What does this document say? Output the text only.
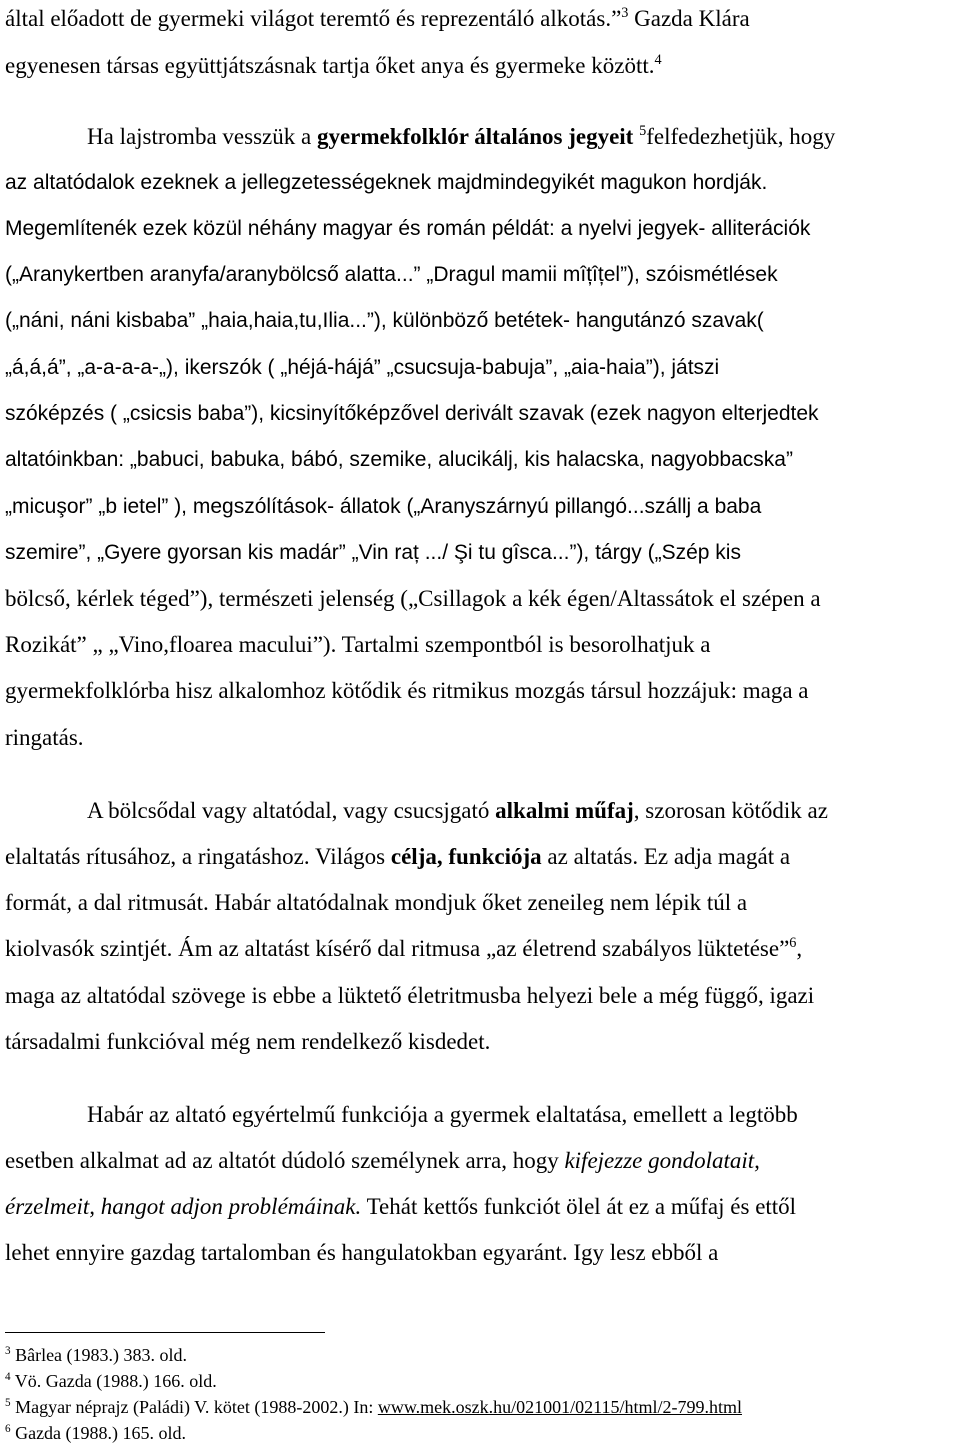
által előadott de gyermeki világot teremtő és reprezentáló alkotás.”$^3$ Gazda Klára
egyenesen társas együttjátszásnak tartja őket anya és gyermeke között.$^4$
Ha lajstromba vesszük a gyermekfolklór általános jegyeit $^5$felfedezhetjük, hogy
az altatódalok ezeknek a jellegzetességeknek majdmindegyikét magukon hordják.
Megemlítenék ezek közül néhány magyar és román példát: a nyelvi jegyek- alliterációk
(„Aranykertben aranyfa/aranybölcső alatta...” „Dragul mamii mîțîțel”), szóismétlések
(„náni, náni kisbaba” „haia,haia,tu,Ilia...”), különböző betétek- hangutánzó szavak(
„á,á,á”, „a-a-a-a-„), ikerszók ( „héjá-hájá” „csucsuja-babuja”, „aia-haia”), játszi
szóképzés ( „csicsis baba”), kicsinyítőképzővel derivált szavak (ezek nagyon elterjedtek
altatóinkban: „babuci, babuka, bábó, szemike, alucikálj, kis halacska, nagyobbacska”
„micuşor” „b ietel” ), megszólítások- állatok („Aranyszárnyú pillangó...szállj a baba
szemire”, „Gyere gyorsan kis madár” „Vin raț .../ Şi tu gîsca...”), tárgy („Szép kis
bölcső, kérlek téged”), természeti jelenség („Csillagok a kék égen/Altassátok el szépen a
Rozikát” „ „Vino,floarea macului”). Tartalmi szempontból is besorolhatjuk a
gyermekfolklórba hisz alkalomhoz kötődik és ritmikus mozgás társul hozzájuk: maga a
ringatás.
A bölcsődal vagy altatódal, vagy csucsjgató alkalmi műfaj, szorosan kötődik az
elaltatás rítusához, a ringatáshoz. Világos célja, funkciója az altatás. Ez adja magát a
formát, a dal ritmusát. Habár altatódalnak mondjuk őket zeneileg nem lépik túl a
kiolvasók szintjét. Ám az altatást kísérő dal ritmusa „az életrend szabályos lüktetése”$^6$,
maga az altatódal szövege is ebbe a lüktető életritmusba helyezi bele a még függő, igazi
társadalmi funkcióval még nem rendelkező kisdedet.
Habár az altató egyértelmű funkciója a gyermek elaltatása, emellett a legtöbb
esetben alkalmat ad az altatót dúdoló személynek arra, hogy kifejezze gondolatait,
érzelmeit, hangot adjon problémáinak. Tehát kettős funkciót ölel át ez a műfaj és ettől
lehet ennyire gazdag tartalomban és hangulatokban egyaránt. Igy lesz ebből a
$^3$ Bârlea (1983.) 383. old.
$^4$ Vö. Gazda (1988.) 166. old.
$^5$ Magyar néprajz (Paládi) V. kötet (1988-2002.) In: www.mek.oszk.hu/021001/02115/html/2-799.html
$^6$ Gazda (1988.) 165. old.
